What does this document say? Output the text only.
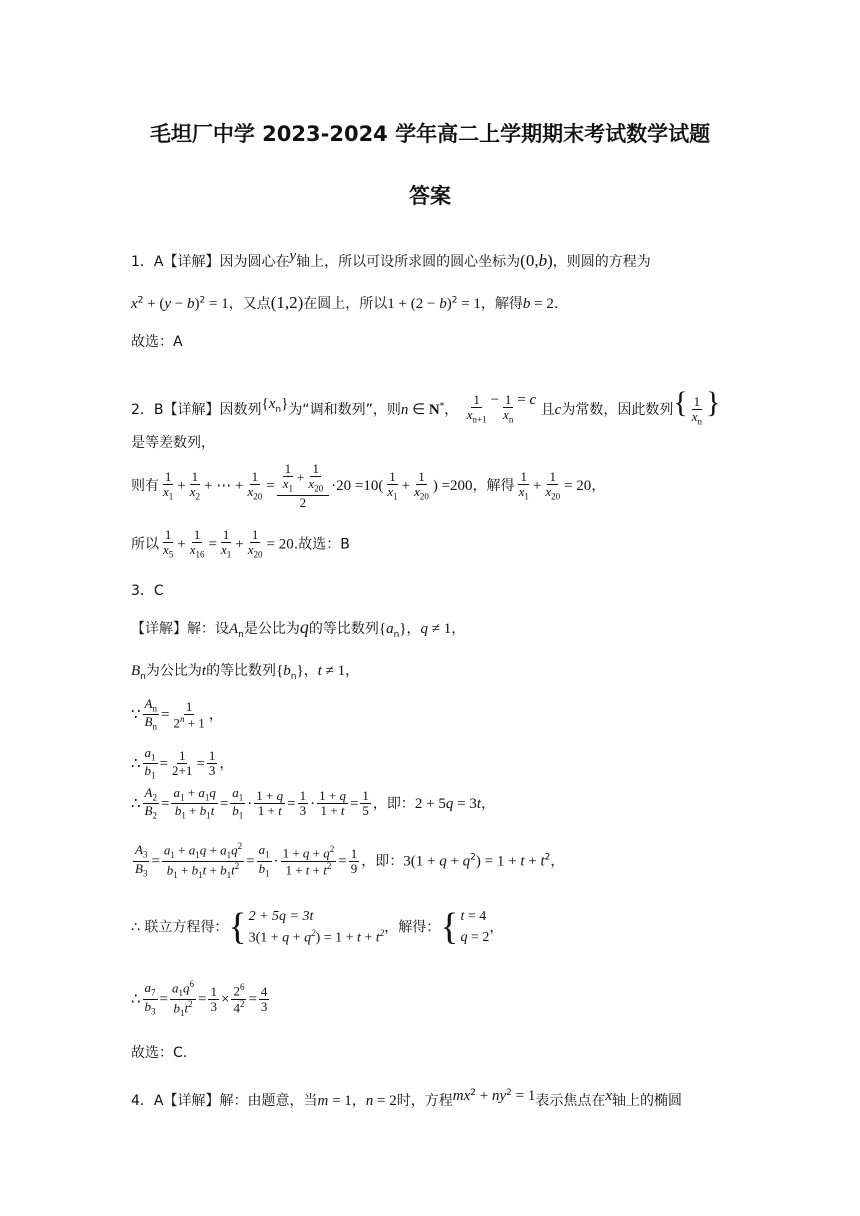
毛坦厂中学 2023-2024 学年高二上学期期末考试数学试题
答案
1．A【详解】因为圆心在y轴上，所以可设所求圆的圆心坐标为(0,b)，则圆的方程为
$x^2 + (y - b)^2 = 1$，又点(1,2)在圆上，所以$1 + (2 - b)^2 = 1$，解得b = 2.
故选：A
2．B【详解】因数列$\{x_n\}$为“调和数列”，则n ∈ N*， $\frac{1}{x_{n+1}} - \frac{1}{x_n} = c$ 且c为常数，因此数列{ $\frac{1}{x_n}$ }
是等差数列，
则有 $\frac{1}{x_1} + \frac{1}{x_2}$ + ⋯ + $\frac{1}{x_{20}} = \frac{\frac{1}{x_1} + \frac{1}{x_{20}}}{2} \cdot 20 =10( \frac{1}{x_1} + \frac{1}{x_{20}}$ ) =200，解得 $\frac{1}{x_1} + \frac{1}{x_{20}} = 20$，
所以 $\frac{1}{x_5} + \frac{1}{x_{16}} = \frac{1}{x_1} + \frac{1}{x_{20}} = 20$.故选：B
3．C
【详解】解：设$A_n$是公比为q的等比数列$\{a_n\}$，q ≠ 1，
$B_n$为公比为t的等比数列$\{b_n\}$，t ≠ 1，
∵ $\frac{A_n}{B_n} = \frac{1}{2^n + 1}$ ，
∴ $\frac{a_1}{b_1} = \frac{1}{2+1} = \frac{1}{3}$ ，
∴ $\frac{A_2}{B_2} = \frac{a_1 + a_1q}{b_1 + b_1t} = \frac{a_1}{b_1} \cdot \frac{1 + q}{1 + t} = \frac{1}{3} \cdot \frac{1 + q}{1 + t} = \frac{1}{5}$ ，即：2 + 5q = 3t，
$\frac{A_3}{B_3} = \frac{a_1 + a_1q + a_1q^2}{b_1 + b_1t + b_1t^2} = \frac{a_1}{b_1} \cdot \frac{1 + q + q^2}{1 + t + t^2} = \frac{1}{9}$ ，即：$3(1 + q + q^2) = 1 + t + t^2$，
∴ 联立方程得： { 2 + 5q = 3t
$3(1 + q + q^2) = 1 + t + t^2$ ，解得： { t = 4
q = 2
，
∴ $\frac{a_7}{b_3} = \frac{a_1q^6}{b_1t^2} = \frac{1}{3} \times \frac{2^6}{4^2} = \frac{4}{3}$
故选：C.
4．A【详解】解：由题意，当m = 1，n = 2时，方程$mx^2 + ny^2 = 1$表示焦点在x轴上的椭圆
